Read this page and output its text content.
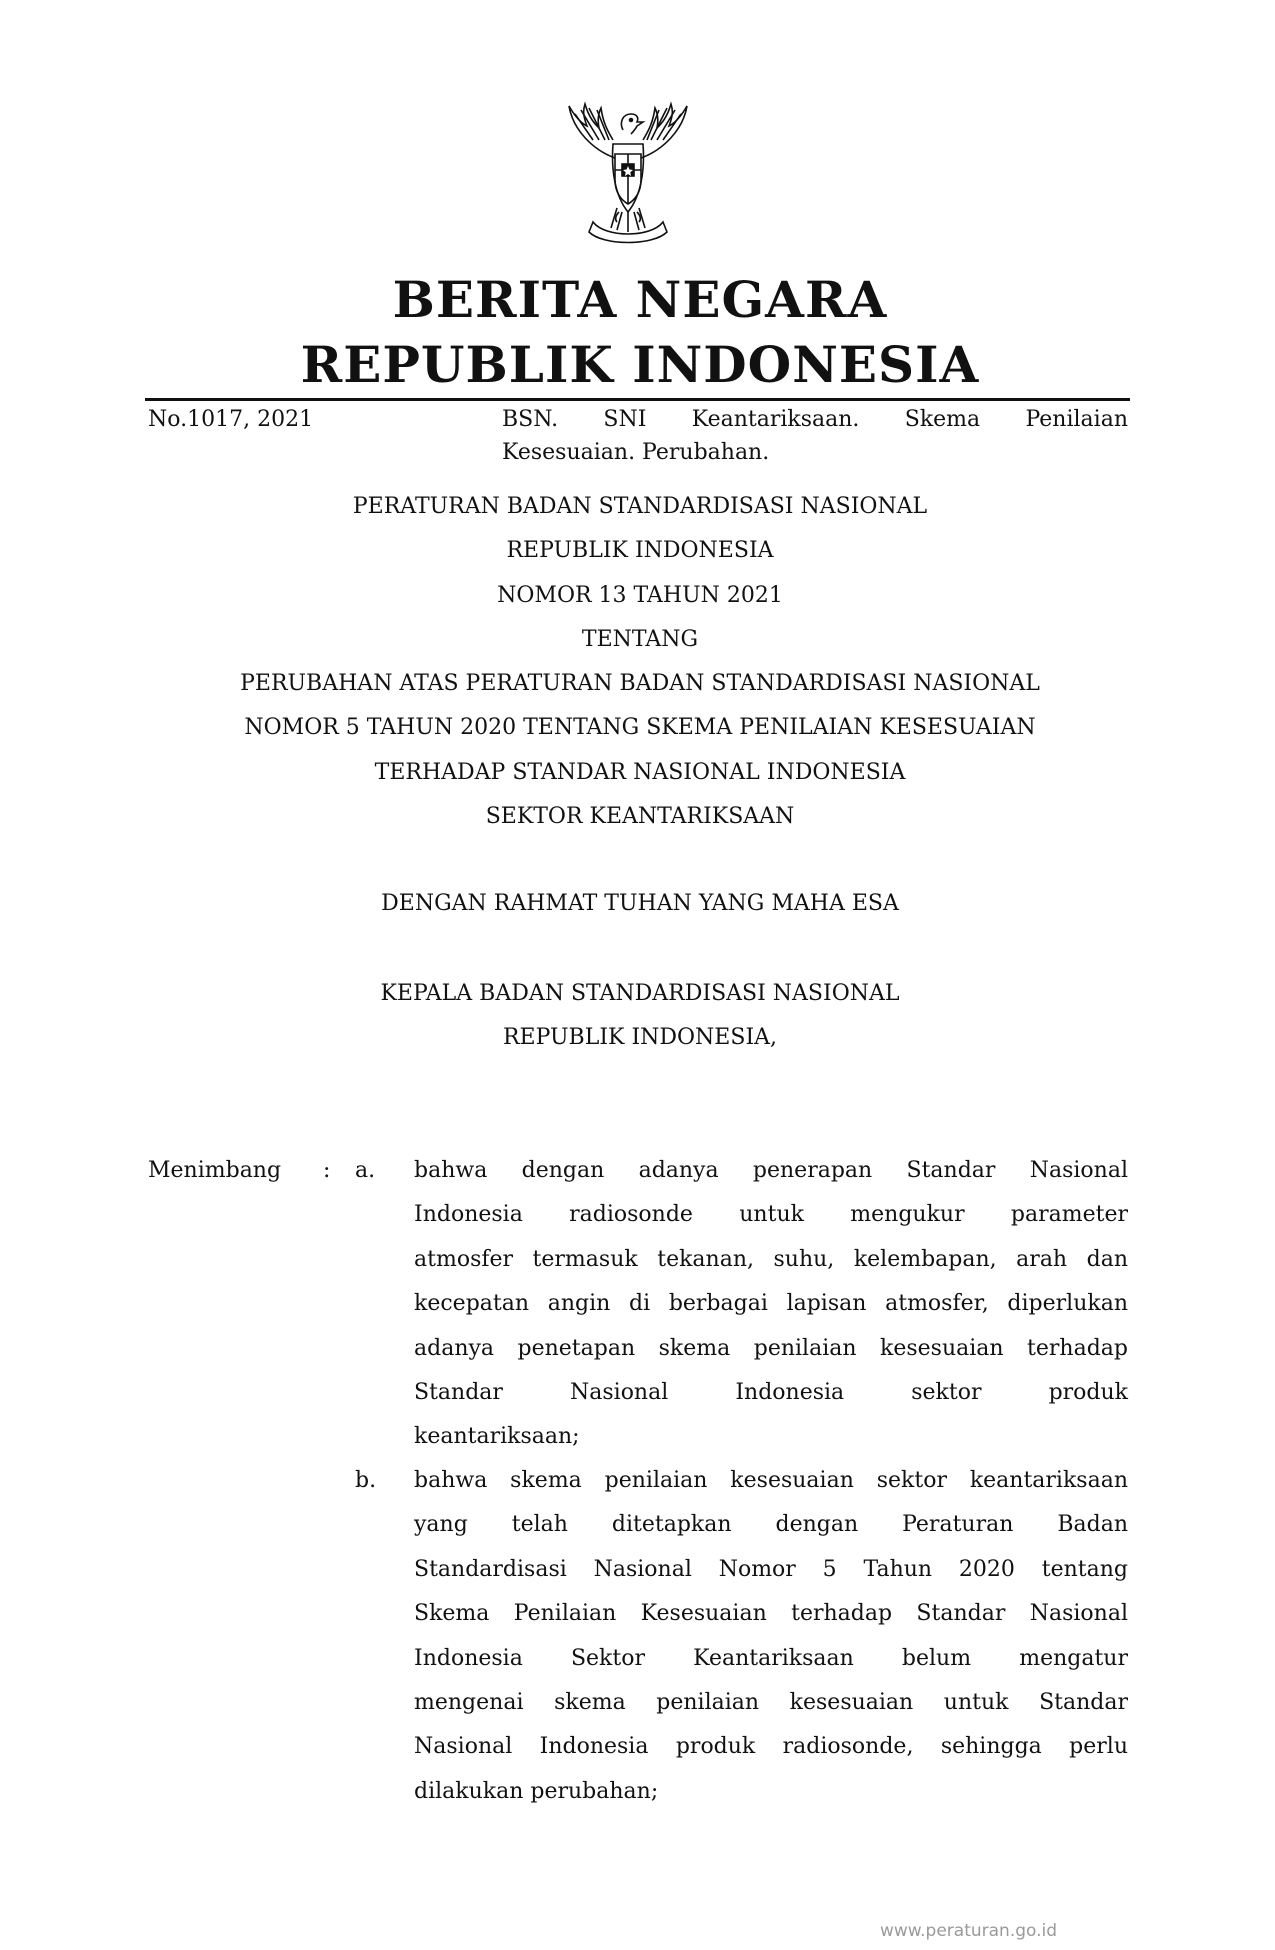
BERITA NEGARA
REPUBLIK INDONESIA
No.1017, 2021	BSN. SNI Keantariksaan. Skema Penilaian
Kesesuaian. Perubahan.
PERATURAN BADAN STANDARDISASI NASIONAL
REPUBLIK INDONESIA
NOMOR 13 TAHUN 2021
TENTANG
PERUBAHAN ATAS PERATURAN BADAN STANDARDISASI NASIONAL
NOMOR 5 TAHUN 2020 TENTANG SKEMA PENILAIAN KESESUAIAN
TERHADAP STANDAR NASIONAL INDONESIA
SEKTOR KEANTARIKSAAN
DENGAN RAHMAT TUHAN YANG MAHA ESA
KEPALA BADAN STANDARDISASI NASIONAL
REPUBLIK INDONESIA,
Menimbang : a. bahwa dengan adanya penerapan Standar Nasional
Indonesia radiosonde untuk mengukur parameter
atmosfer termasuk tekanan, suhu, kelembapan, arah dan
kecepatan angin di berbagai lapisan atmosfer, diperlukan
adanya penetapan skema penilaian kesesuaian terhadap
Standar Nasional Indonesia sektor produk
keantariksaan;
b. bahwa skema penilaian kesesuaian sektor keantariksaan
yang telah ditetapkan dengan Peraturan Badan
Standardisasi Nasional Nomor 5 Tahun 2020 tentang
Skema Penilaian Kesesuaian terhadap Standar Nasional
Indonesia Sektor Keantariksaan belum mengatur
mengenai skema penilaian kesesuaian untuk Standar
Nasional Indonesia produk radiosonde, sehingga perlu
dilakukan perubahan;
www.peraturan.go.id
